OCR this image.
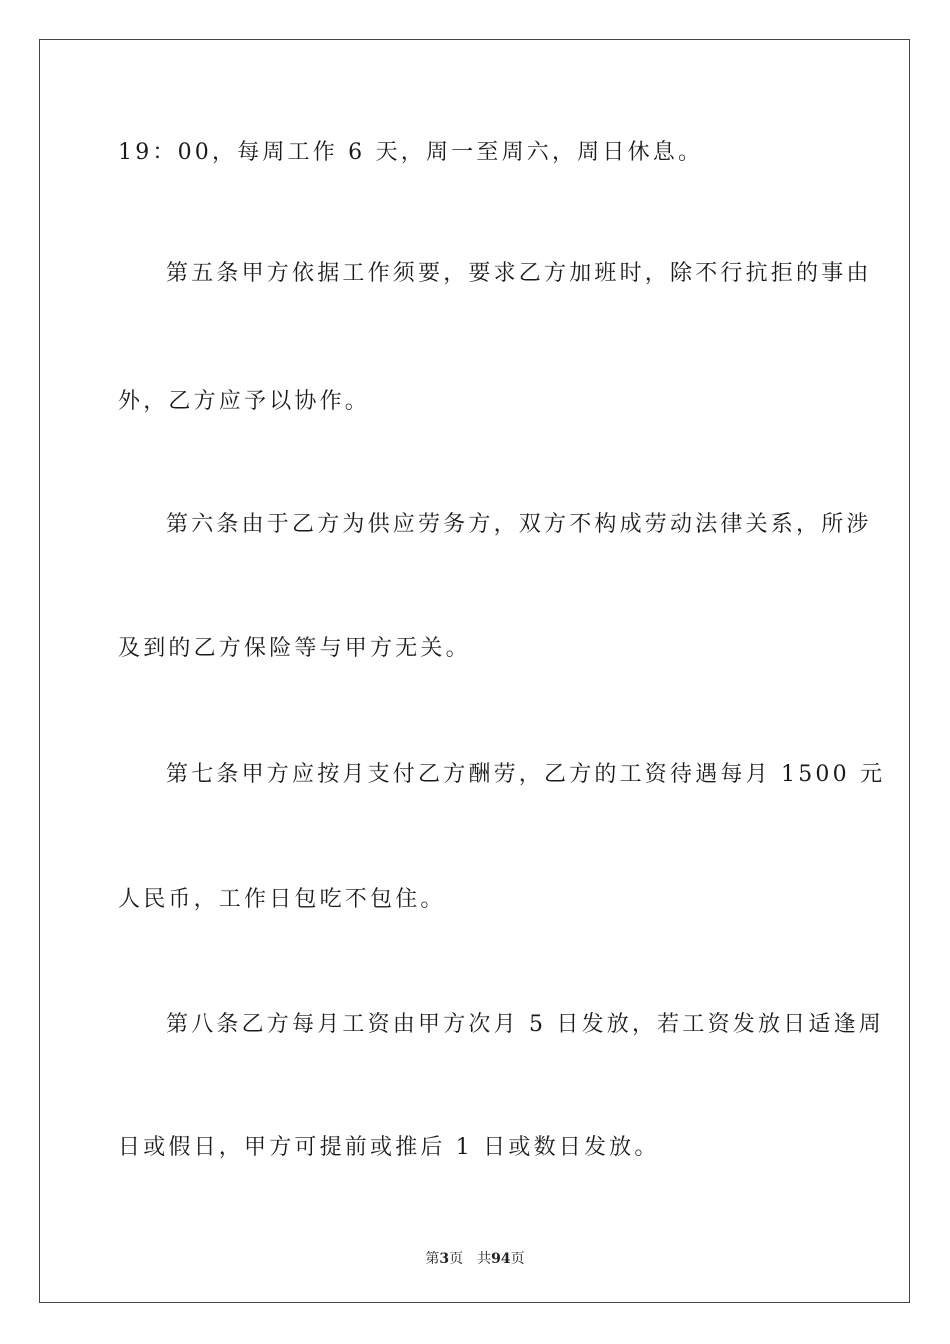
19：00，每周工作 6 天，周一至周六，周日休息。
第五条甲方依据工作须要，要求乙方加班时，除不行抗拒的事由
外，乙方应予以协作。
第六条由于乙方为供应劳务方，双方不构成劳动法律关系，所涉
及到的乙方保险等与甲方无关。
第七条甲方应按月支付乙方酬劳，乙方的工资待遇每月 1500 元
人民币，工作日包吃不包住。
第八条乙方每月工资由甲方次月 5 日发放，若工资发放日适逢周
日或假日，甲方可提前或推后 1 日或数日发放。
第3页 共94页
